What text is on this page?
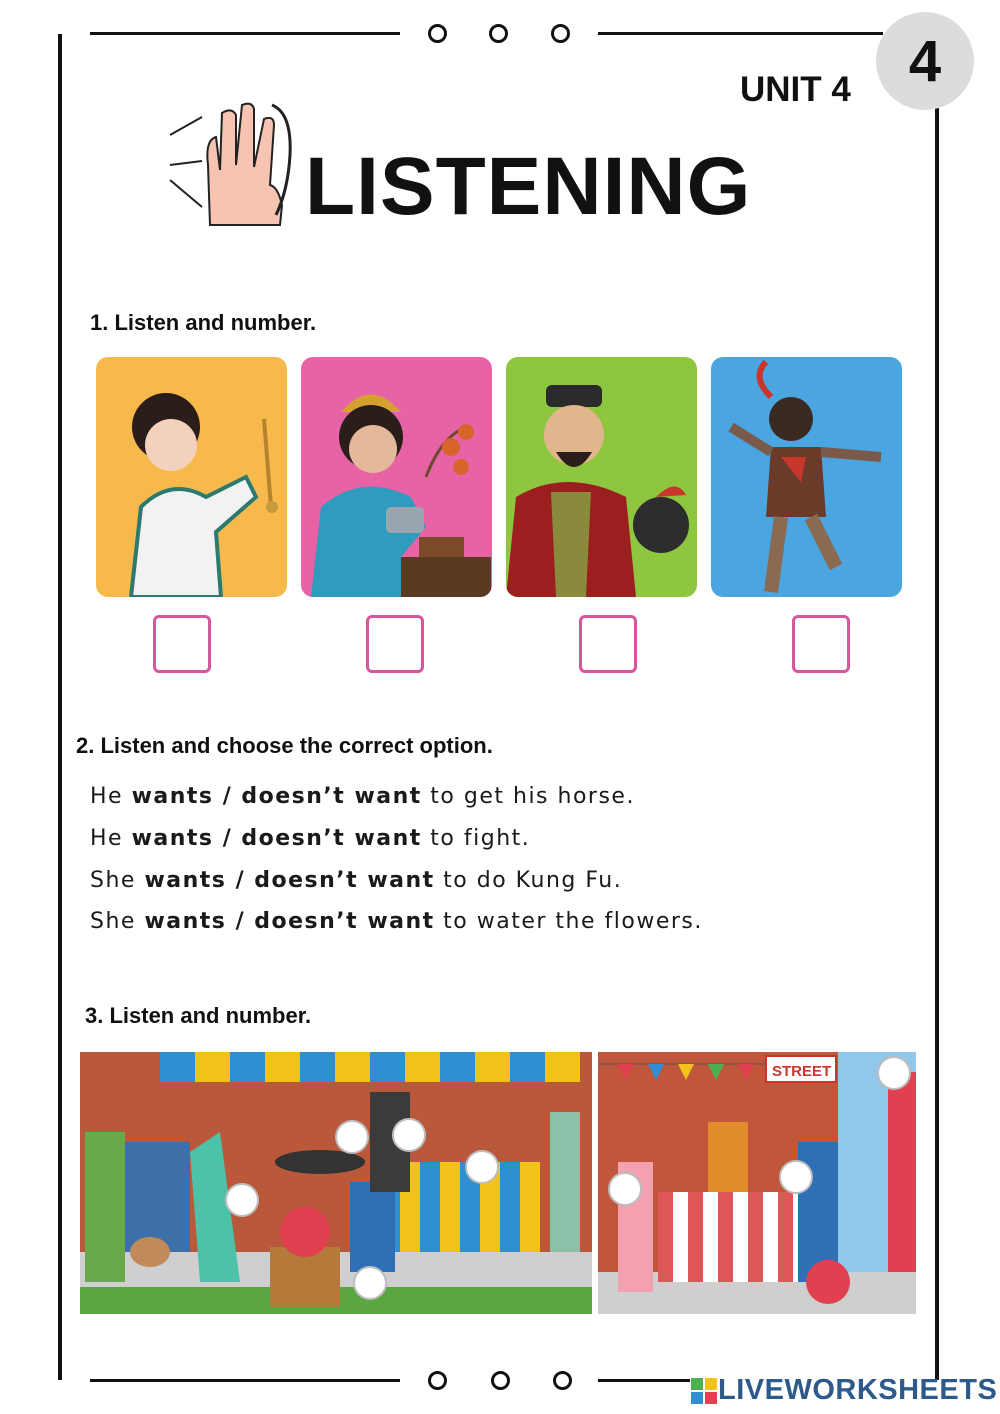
UNIT 4	4
LISTENING
1. Listen and number.
2. Listen and choose the correct option.
He wants / doesn’t want to get his horse.
He wants / doesn’t want to fight.
She wants / doesn’t want to do Kung Fu.
She wants / doesn’t want to water the flowers.
3. Listen and number.
STREET
LIVEWORKSHEETS
